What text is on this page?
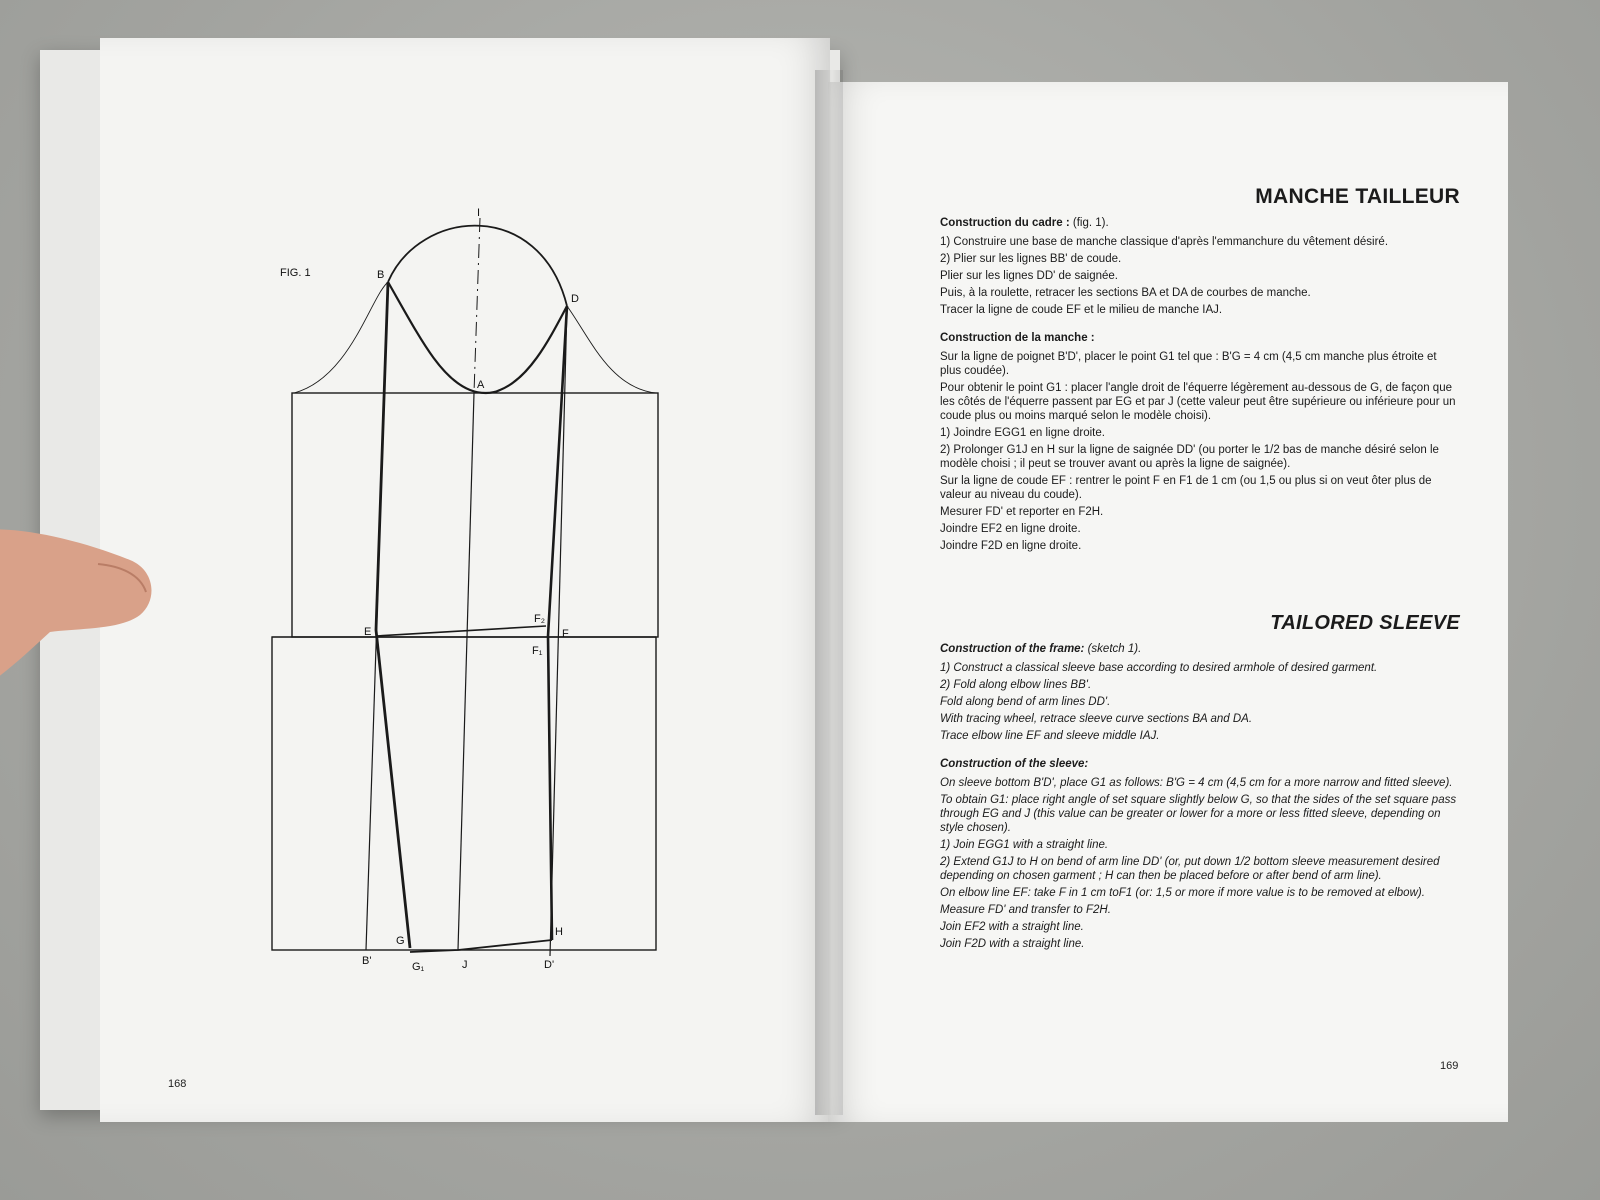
FIG. 1
I
B
D
A
E	F
F₂
F₁
G
H
B'	G₁	J	D'
168
169
MANCHE TAILLEUR
Construction du cadre : (fig. 1).
1) Construire une base de manche classique d'après l'emmanchure du vêtement désiré.
2) Plier sur les lignes BB' de coude.
Plier sur les lignes DD' de saignée.
Puis, à la roulette, retracer les sections BA et DA de courbes de manche.
Tracer la ligne de coude EF et le milieu de manche IAJ.
Construction de la manche :
Sur la ligne de poignet B'D', placer le point G1 tel que : B'G = 4 cm (4,5 cm manche plus étroite et plus coudée).
Pour obtenir le point G1 : placer l'angle droit de l'équerre légèrement au-dessous de G, de façon que les côtés de l'équerre passent par EG et par J (cette valeur peut être supérieure ou inférieure pour un coude plus ou moins marqué selon le modèle choisi).
1) Joindre EGG1 en ligne droite.
2) Prolonger G1J en H sur la ligne de saignée DD' (ou porter le 1/2 bas de manche désiré selon le modèle choisi ; il peut se trouver avant ou après la ligne de saignée).
Sur la ligne de coude EF : rentrer le point F en F1 de 1 cm (ou 1,5 ou plus si on veut ôter plus de valeur au niveau du coude).
Mesurer FD' et reporter en F2H.
Joindre EF2 en ligne droite.
Joindre F2D en ligne droite.
TAILORED SLEEVE
Construction of the frame: (sketch 1).
1) Construct a classical sleeve base according to desired armhole of desired garment.
2) Fold along elbow lines BB'.
Fold along bend of arm lines DD'.
With tracing wheel, retrace sleeve curve sections BA and DA.
Trace elbow line EF and sleeve middle IAJ.
Construction of the sleeve:
On sleeve bottom B'D', place G1 as follows: B'G = 4 cm (4,5 cm for a more narrow and fitted sleeve).
To obtain G1: place right angle of set square slightly below G, so that the sides of the set square pass through EG and J (this value can be greater or lower for a more or less fitted sleeve, depending on style chosen).
1) Join EGG1 with a straight line.
2) Extend G1J to H on bend of arm line DD' (or, put down 1/2 bottom sleeve measurement desired depending on chosen garment ; H can then be placed before or after bend of arm line).
On elbow line EF: take F in 1 cm toF1 (or: 1,5 or more if more value is to be removed at elbow).
Measure FD' and transfer to F2H.
Join EF2 with a straight line.
Join F2D with a straight line.
